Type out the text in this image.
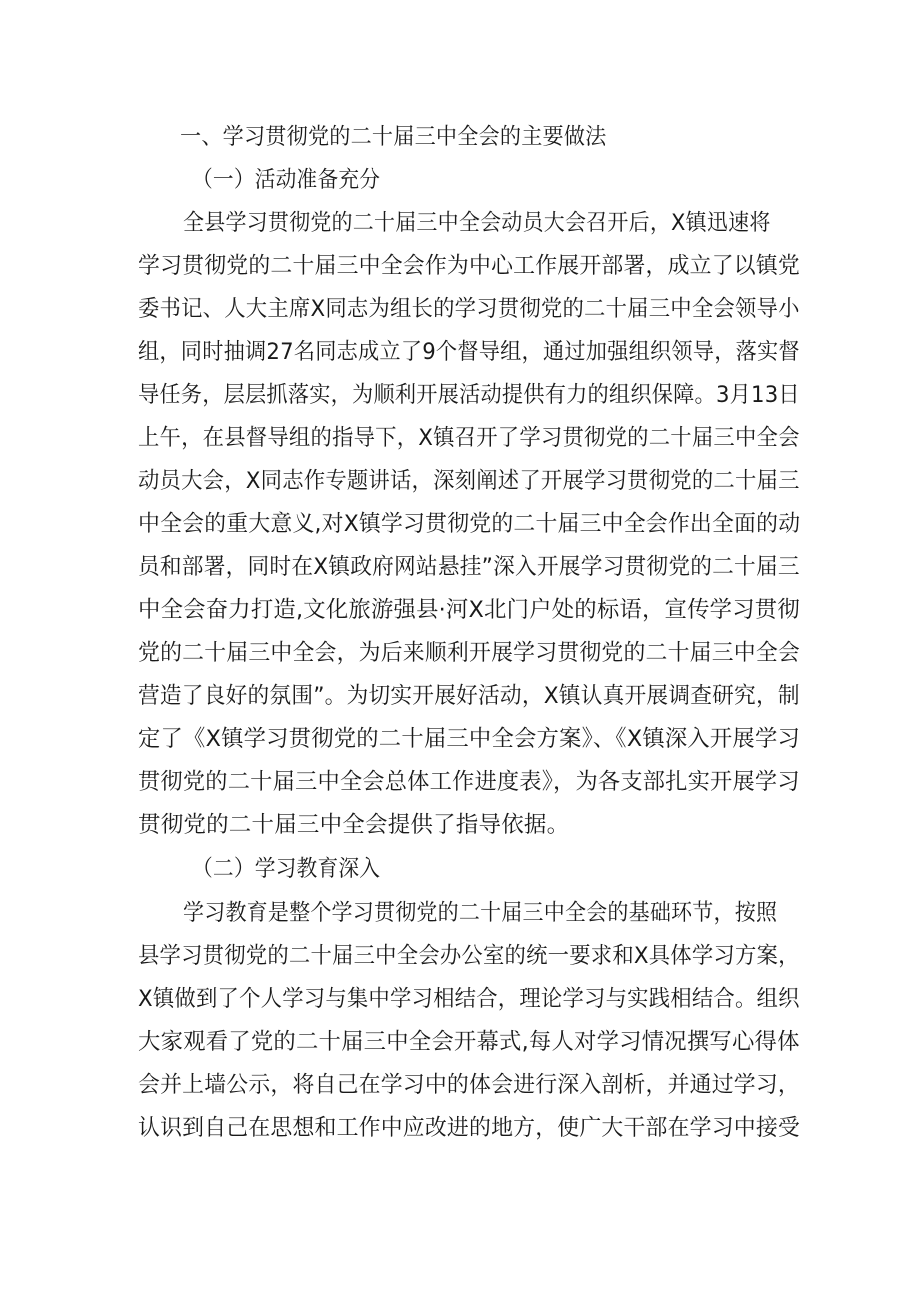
一、学习贯彻党的二十届三中全会的主要做法
（一）活动准备充分
全县学习贯彻党的二十届三中全会动员大会召开后，X镇迅速将
学习贯彻党的二十届三中全会作为中心工作展开部署，成立了以镇党
委书记、人大主席X同志为组长的学习贯彻党的二十届三中全会领导小
组，同时抽调27名同志成立了9个督导组，通过加强组织领导，落实督
导任务，层层抓落实，为顺利开展活动提供有力的组织保障。3月13日
上午，在县督导组的指导下，X镇召开了学习贯彻党的二十届三中全会
动员大会，X同志作专题讲话，深刻阐述了开展学习贯彻党的二十届三
中全会的重大意义,对X镇学习贯彻党的二十届三中全会作出全面的动
员和部署，同时在X镇政府网站悬挂”深入开展学习贯彻党的二十届三
中全会奋力打造,文化旅游强县·河X北门户处的标语，宣传学习贯彻
党的二十届三中全会，为后来顺利开展学习贯彻党的二十届三中全会
营造了良好的氛围”。为切实开展好活动，X镇认真开展调查研究，制
定了《X镇学习贯彻党的二十届三中全会方案》、《X镇深入开展学习
贯彻党的二十届三中全会总体工作进度表》，为各支部扎实开展学习
贯彻党的二十届三中全会提供了指导依据。
（二）学习教育深入
学习教育是整个学习贯彻党的二十届三中全会的基础环节，按照
县学习贯彻党的二十届三中全会办公室的统一要求和X具体学习方案，
X镇做到了个人学习与集中学习相结合，理论学习与实践相结合。组织
大家观看了党的二十届三中全会开幕式,每人对学习情况撰写心得体
会并上墙公示，将自己在学习中的体会进行深入剖析，并通过学习，
认识到自己在思想和工作中应改进的地方，使广大干部在学习中接受
